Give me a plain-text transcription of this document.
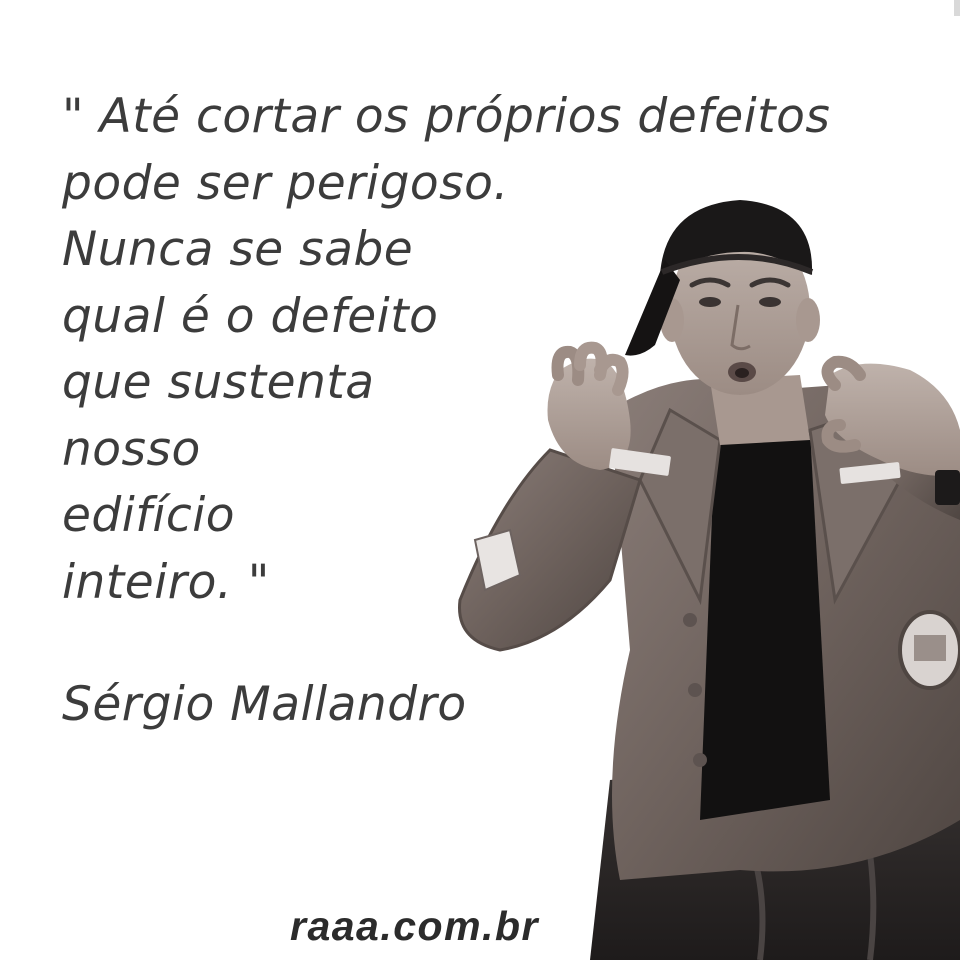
" Até cortar os próprios defeitos
pode ser perigoso.
Nunca se sabe
qual é o defeito
que sustenta
nosso
edifício
inteiro. "
Sérgio Mallandro
raaa.com.br
